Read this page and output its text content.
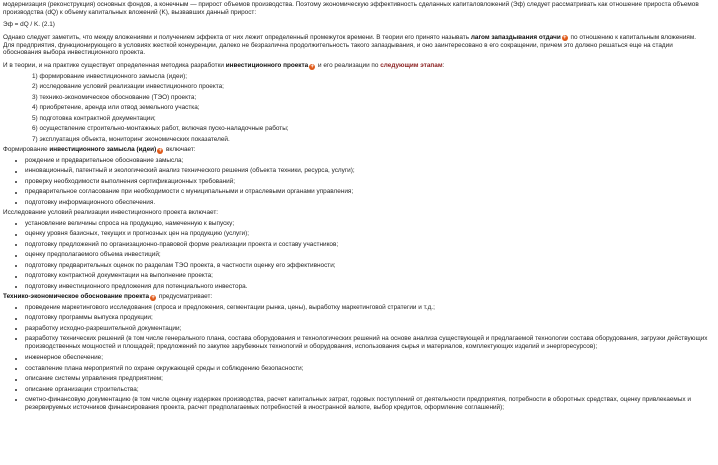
модернизация (реконструкция) основных фондов, а конечным — прирост объемов производства. Поэтому экономическую эффективность сделанных капиталовложений (Эф) следует рассматривать как отношение прироста объемов

производства (dQ) к объему капитальных вложений (K), вызвавших данный прирост:

Эф = dQ / K. (2.1)

Однако следует заметить, что между вложениями и получением эффекта от них лежит определенный промежуток времени. В теории его принято называть лагом запаздывания отдачи + по отношению к капитальным вложениям.

Для предприятия, функционирующего в условиях жесткой конкуренции, далеко не безразлична продолжительность такого запаздывания, и оно заинтересовано в его сокращении, причем это должно решаться еще на стадии

обоснования выбора инвестиционного проекта.

И в теории, и на практике существует определенная методика разработки инвестиционного проекта + и его реализации по следующим этапам:

1) формирование инвестиционного замысла (идеи);
2) исследование условий реализации инвестиционного проекта;
3) технико-экономическое обоснование (ТЭО) проекта;
4) приобретение, аренда или отвод земельного участка;
5) подготовка контрактной документации;
6) осуществление строительно-монтажных работ, включая пуско-наладочные работы;
7) эксплуатация объекта, мониторинг экономических показателей.

Формирование инвестиционного замысла (идеи) + включает:

рождение и предварительное обоснование замысла;
инновационный, патентный и экологический анализ технического решения (объекта техники, ресурса, услуги);
проверку необходимости выполнения сертификационных требований;
предварительное согласование при необходимости с муниципальными и отраслевыми органами управления;
подготовку информационного обеспечения.

Исследование условий реализации инвестиционного проекта включает:

установление величины спроса на продукцию, намеченную к выпуску;
оценку уровня базисных, текущих и прогнозных цен на продукцию (услуги);
подготовку предложений по организационно-правовой форме реализации проекта и составу участников;
оценку предполагаемого объема инвестиций;
подготовку предварительных оценок по разделам ТЭО проекта, в частности оценку его эффективности;
подготовку контрактной документации на выполнение проекта;
подготовку инвестиционного предложения для потенциального инвестора.

Технико-экономическое обоснование проекта + предусматривает:

проведение маркетингового исследования (спроса и предложения, сегментации рынка, цены), выработку маркетинговой стратегии и т.д.;
подготовку программы выпуска продукции;
разработку исходно-разрешительной документации;
разработку технических решений (в том числе генерального плана, состава оборудования и технологических решений на основе анализа существующей и предлагаемой технологии состава оборудования, загрузки действующих производственных мощностей и площадей; предложений по закупке зарубежных технологий и оборудования, использования сырья и материалов, комплектующих изделий и энергоресурсов);
инженерное обеспечение;
составление плана мероприятий по охране окружающей среды и соблюдению безопасности;
описание системы управления предприятием;
описание организации строительства;
сметно-финансовую документацию (в том числе оценку издержек производства, расчет капитальных затрат, годовых поступлений от деятельности предприятия, потребности в оборотных средствах, оценку привлекаемых и резервируемых источников финансирования проекта, расчет предполагаемых потребностей в иностранной валюте, выбор кредитов, оформление соглашений);
